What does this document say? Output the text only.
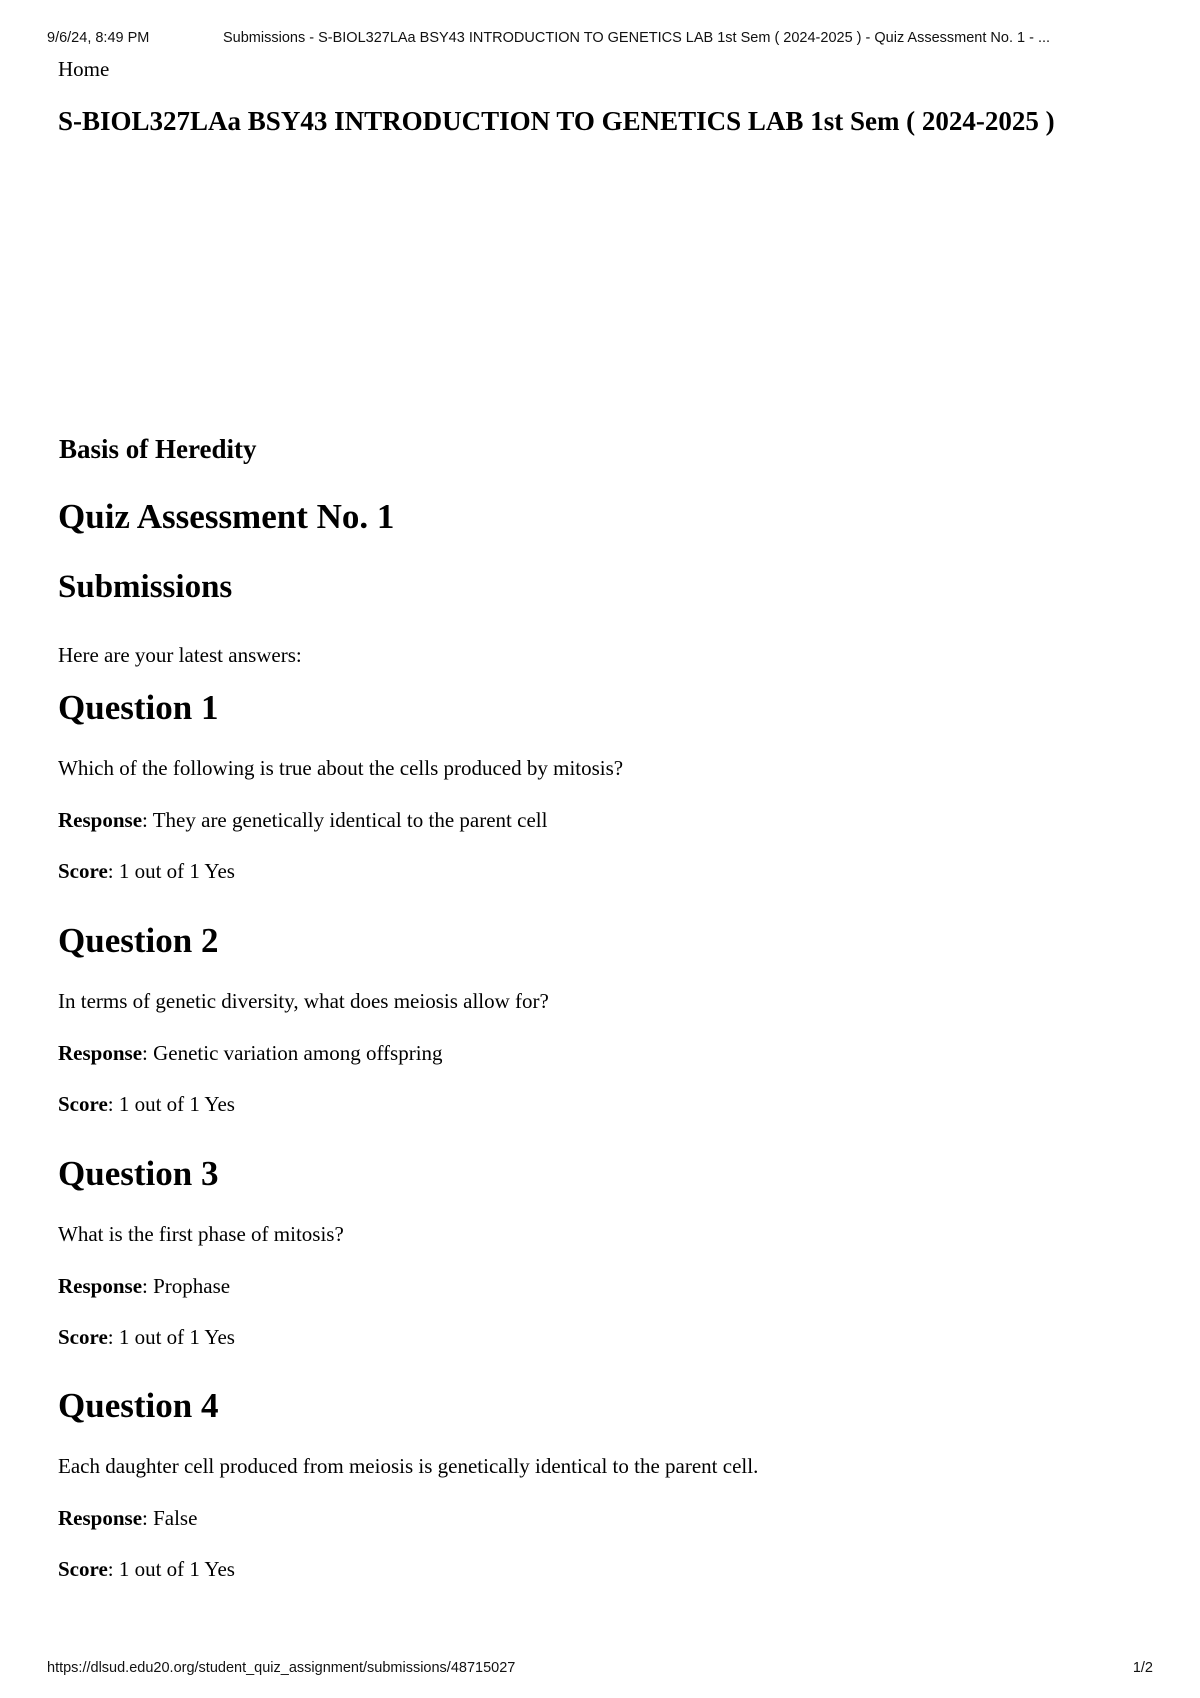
9/6/24, 8:49 PM	Submissions - S-BIOL327LAa BSY43 INTRODUCTION TO GENETICS LAB 1st Sem ( 2024-2025 ) - Quiz Assessment No. 1 - ...
Home
S-BIOL327LAa BSY43 INTRODUCTION TO GENETICS LAB 1st Sem ( 2024-2025 )
Basis of Heredity
Quiz Assessment No. 1
Submissions

Here are your latest answers:

Question 1

Which of the following is true about the cells produced by mitosis?

Response: They are genetically identical to the parent cell

Score: 1 out of 1 Yes

Question 2

In terms of genetic diversity, what does meiosis allow for?

Response: Genetic variation among offspring

Score: 1 out of 1 Yes

Question 3

What is the first phase of mitosis?

Response: Prophase

Score: 1 out of 1 Yes

Question 4

Each daughter cell produced from meiosis is genetically identical to the parent cell.

Response: False

Score: 1 out of 1 Yes

https://dlsud.edu20.org/student_quiz_assignment/submissions/48715027	1/2
